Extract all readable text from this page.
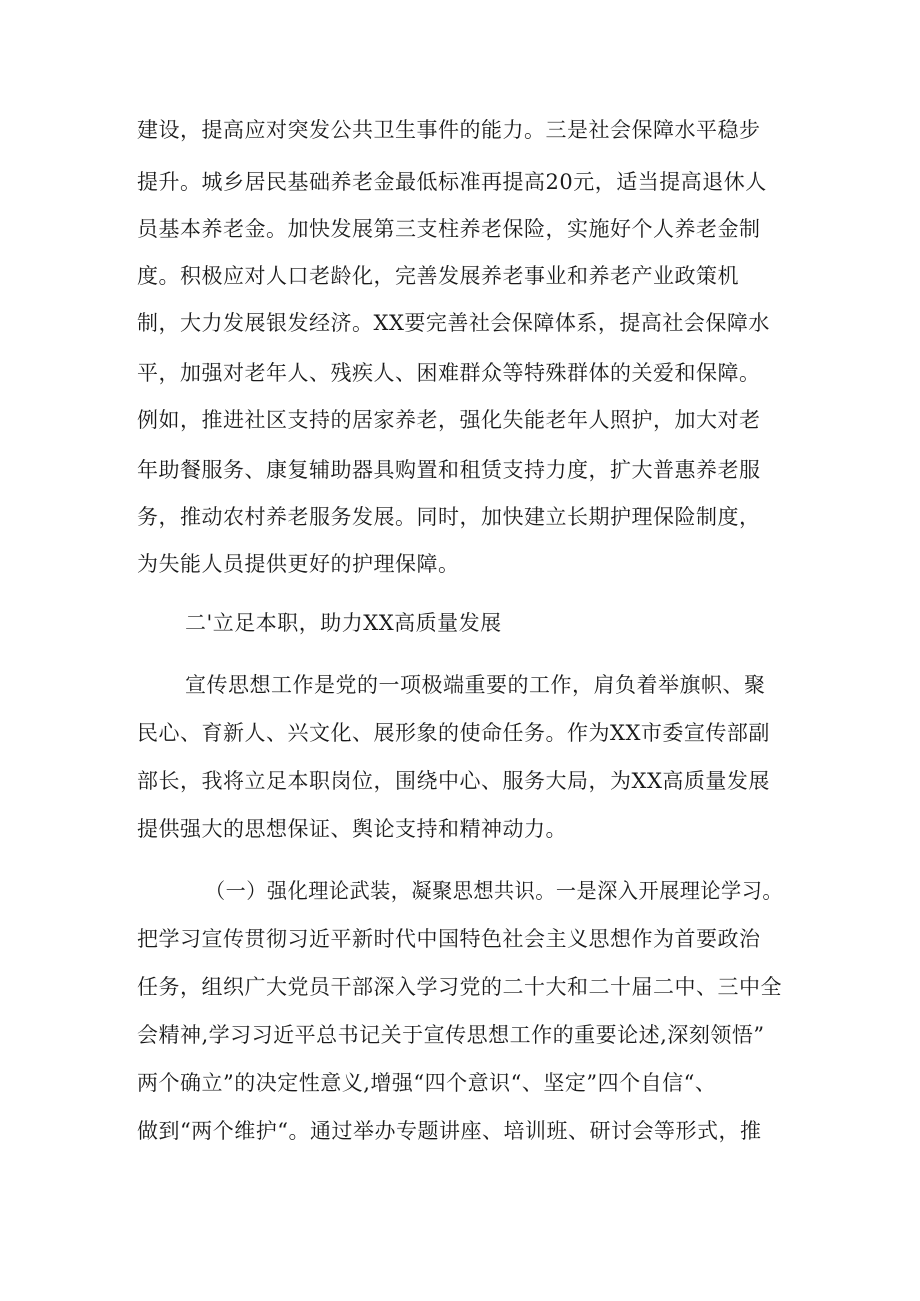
建设，提高应对突发公共卫生事件的能力。三是社会保障水平稳步
提升。城乡居民基础养老金最低标准再提高20元，适当提高退休人
员基本养老金。加快发展第三支柱养老保险，实施好个人养老金制
度。积极应对人口老龄化，完善发展养老事业和养老产业政策机
制，大力发展银发经济。XX要完善社会保障体系，提高社会保障水
平，加强对老年人、残疾人、困难群众等特殊群体的关爱和保障。
例如，推进社区支持的居家养老，强化失能老年人照护，加大对老
年助餐服务、康复辅助器具购置和租赁支持力度，扩大普惠养老服
务，推动农村养老服务发展。同时，加快建立长期护理保险制度，
为失能人员提供更好的护理保障。
二'立足本职，助力XX高质量发展
宣传思想工作是党的一项极端重要的工作，肩负着举旗帜、聚
民心、育新人、兴文化、展形象的使命任务。作为XX市委宣传部副
部长，我将立足本职岗位，围绕中心、服务大局，为XX高质量发展
提供强大的思想保证、舆论支持和精神动力。
（一）强化理论武装，凝聚思想共识。一是深入开展理论学习。
把学习宣传贯彻习近平新时代中国特色社会主义思想作为首要政治
任务，组织广大党员干部深入学习党的二十大和二十届二中、三中全
会精神,学习习近平总书记关于宣传思想工作的重要论述,深刻领悟”
两个确立”的决定性意义,增强“四个意识“、坚定”四个自信“、
做到“两个维护“。通过举办专题讲座、培训班、研讨会等形式，推
